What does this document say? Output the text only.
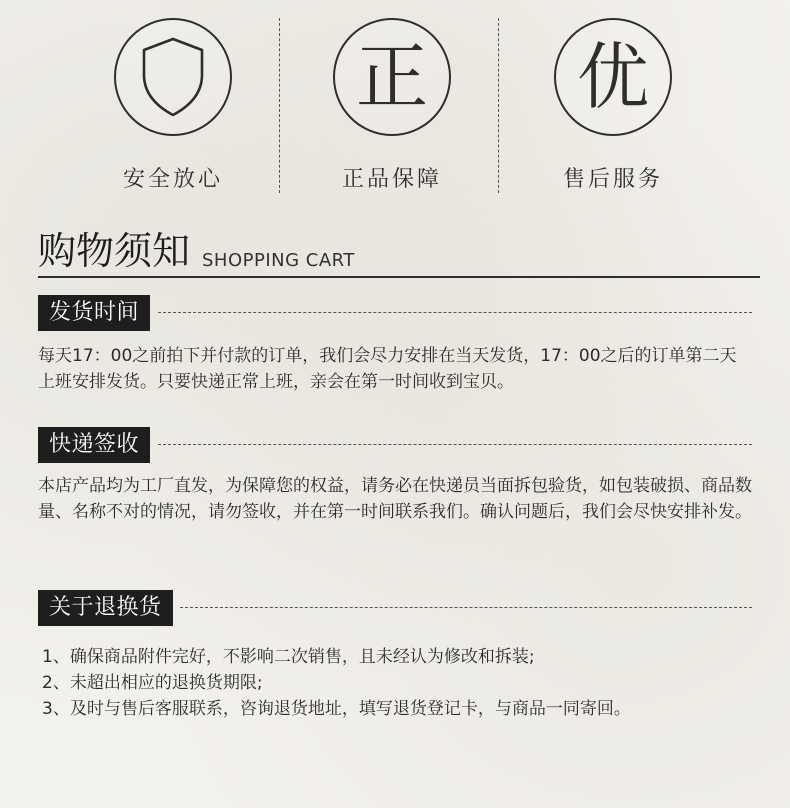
安全放心
正
正品保障
优
售后服务
购物须知 SHOPPING CART
发货时间

每天17：00之前拍下并付款的订单，我们会尽力安排在当天发货，17：00之后的订单第二天上班安排发货。只要快递正常上班，亲会在第一时间收到宝贝。

快递签收

本店产品均为工厂直发，为保障您的权益，请务必在快递员当面拆包验货，如包装破损、商品数量、名称不对的情况，请勿签收，并在第一时间联系我们。确认问题后，我们会尽快安排补发。

关于退换货

1、确保商品附件完好，不影响二次销售，且未经认为修改和拆装;

2、未超出相应的退换货期限;

3、及时与售后客服联系，咨询退货地址，填写退货登记卡，与商品一同寄回。
